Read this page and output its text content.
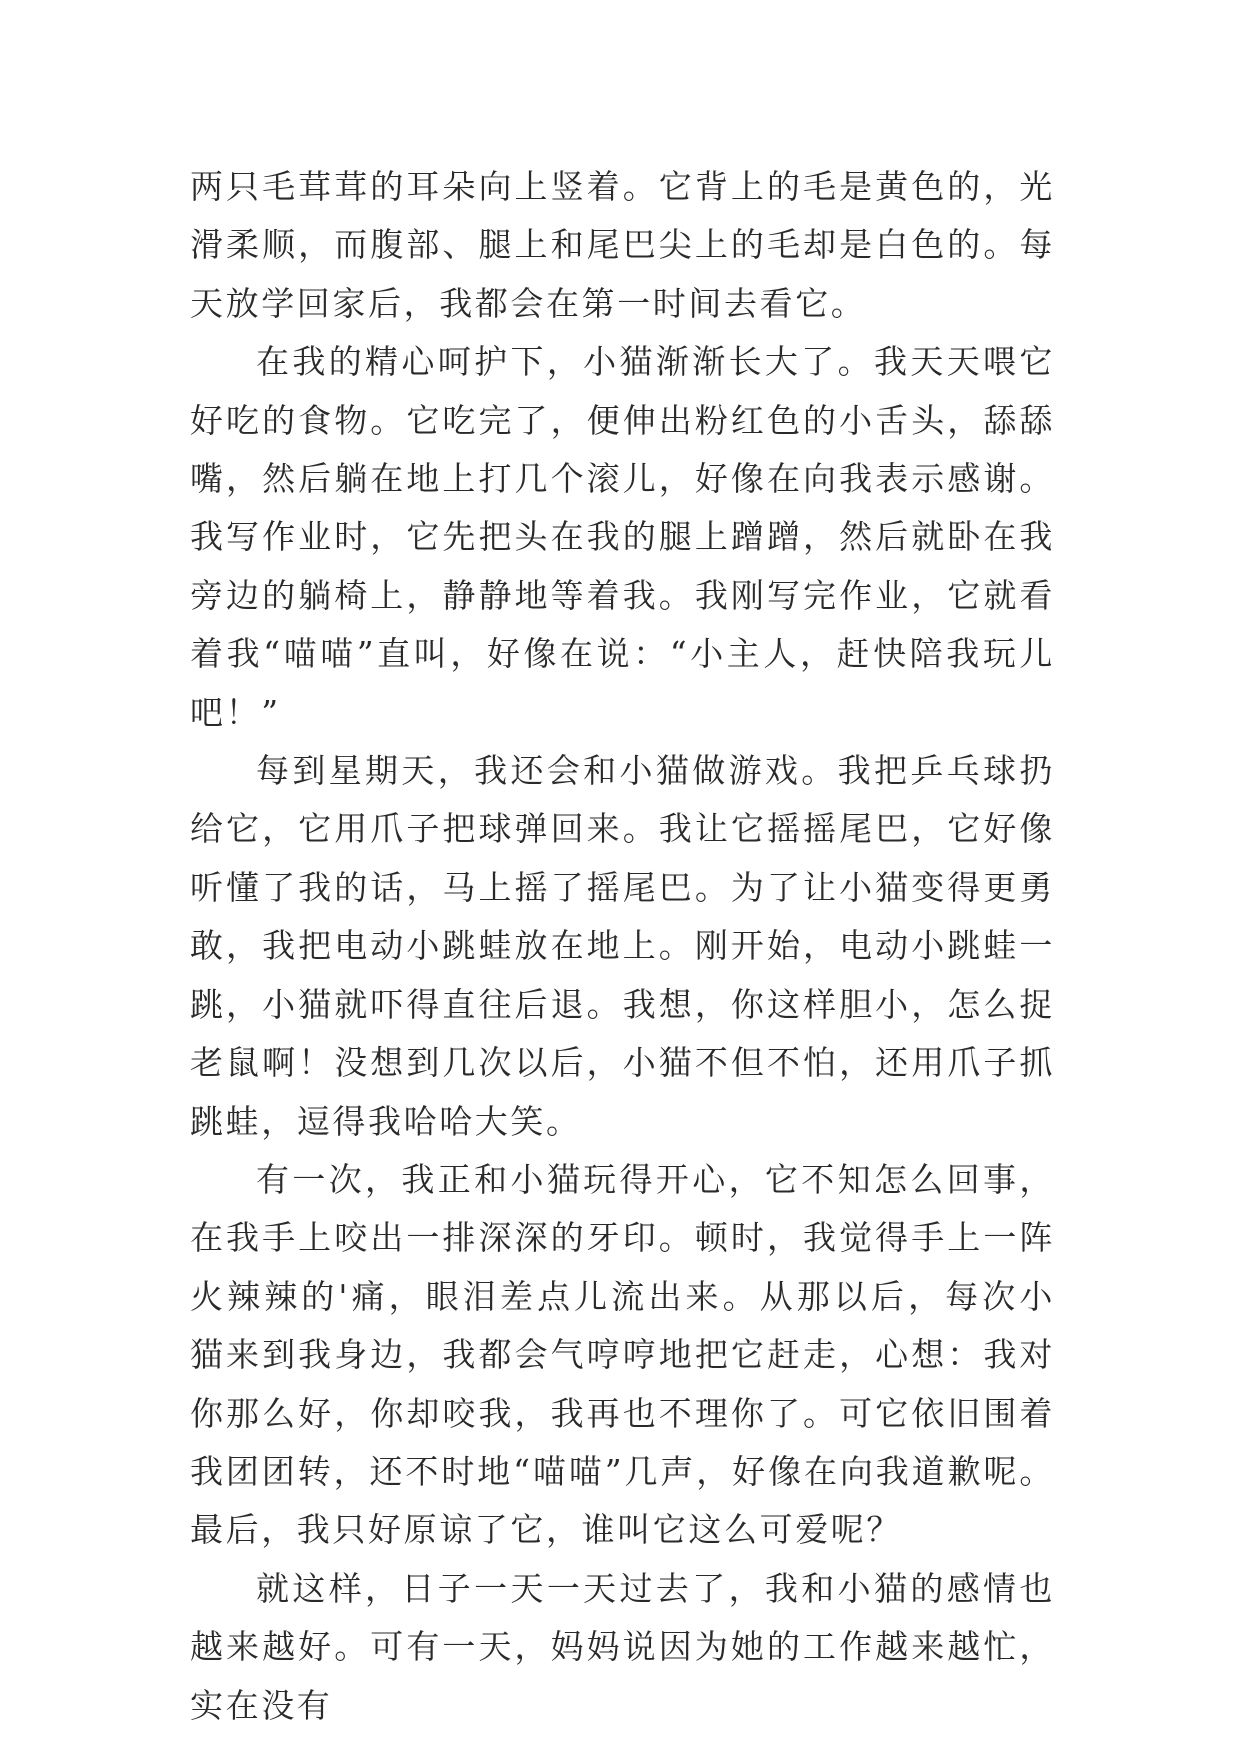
两只毛茸茸的耳朵向上竖着。它背上的毛是黄色的，光滑柔顺，而腹部、腿上和尾巴尖上的毛却是白色的。每天放学回家后，我都会在第一时间去看它。

在我的精心呵护下，小猫渐渐长大了。我天天喂它好吃的食物。它吃完了，便伸出粉红色的小舌头，舔舔嘴，然后躺在地上打几个滚儿，好像在向我表示感谢。我写作业时，它先把头在我的腿上蹭蹭，然后就卧在我旁边的躺椅上，静静地等着我。我刚写完作业，它就看着我“喵喵”直叫，好像在说：“小主人，赶快陪我玩儿吧！”

每到星期天，我还会和小猫做游戏。我把乒乓球扔给它，它用爪子把球弹回来。我让它摇摇尾巴，它好像听懂了我的话，马上摇了摇尾巴。为了让小猫变得更勇敢，我把电动小跳蛙放在地上。刚开始，电动小跳蛙一跳，小猫就吓得直往后退。我想，你这样胆小，怎么捉老鼠啊！没想到几次以后，小猫不但不怕，还用爪子抓跳蛙，逗得我哈哈大笑。

有一次，我正和小猫玩得开心，它不知怎么回事，在我手上咬出一排深深的牙印。顿时，我觉得手上一阵火辣辣的'痛，眼泪差点儿流出来。从那以后，每次小猫来到我身边，我都会气哼哼地把它赶走，心想：我对你那么好，你却咬我，我再也不理你了。可它依旧围着我团团转，还不时地“喵喵”几声，好像在向我道歉呢。最后，我只好原谅了它，谁叫它这么可爱呢？

就这样，日子一天一天过去了，我和小猫的感情也越来越好。可有一天，妈妈说因为她的工作越来越忙，实在没有
